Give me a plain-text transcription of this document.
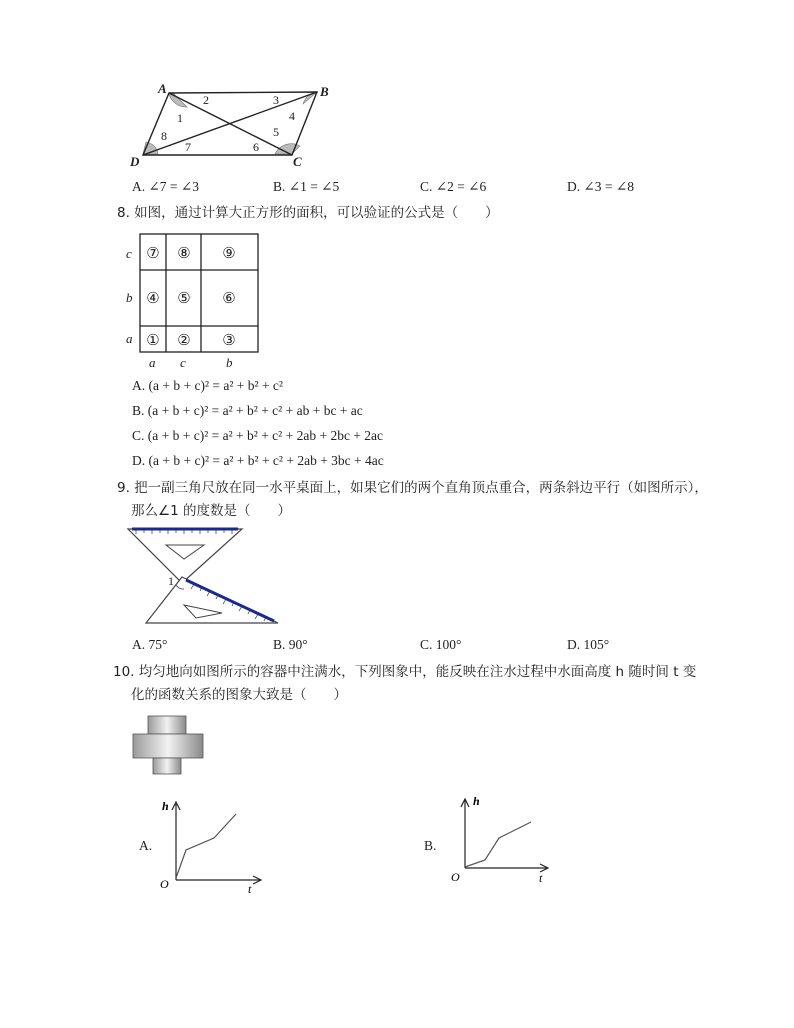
A	B
C
D
1
2	3
4
5
6
7
8
A. ∠7 = ∠3	B. ∠1 = ∠5	C. ∠2 = ∠6	D. ∠3 = ∠8
8. 如图，通过计算大正方形的面积，可以验证的公式是（　　）
c
b
a
a c	b
⑦ ⑧ ⑨
④ ⑤ ⑥
① ② ③
A. (a + b + c)² = a² + b² + c²
B. (a + b + c)² = a² + b² + c² + ab + bc + ac
C. (a + b + c)² = a² + b² + c² + 2ab + 2bc + 2ac
D. (a + b + c)² = a² + b² + c² + 2ab + 3bc + 4ac
9. 把一副三角尺放在同一水平桌面上，如果它们的两个直角顶点重合，两条斜边平行（如图所示），
那么∠1 的度数是（　　）
1
A. 75°	B. 90°	C. 100°	D. 105°
10. 均匀地向如图所示的容器中注满水，下列图象中，能反映在注水过程中水面高度 h 随时间 t 变
化的函数关系的图象大致是（　　）
A.
h
t
O
B.
h
t
O
